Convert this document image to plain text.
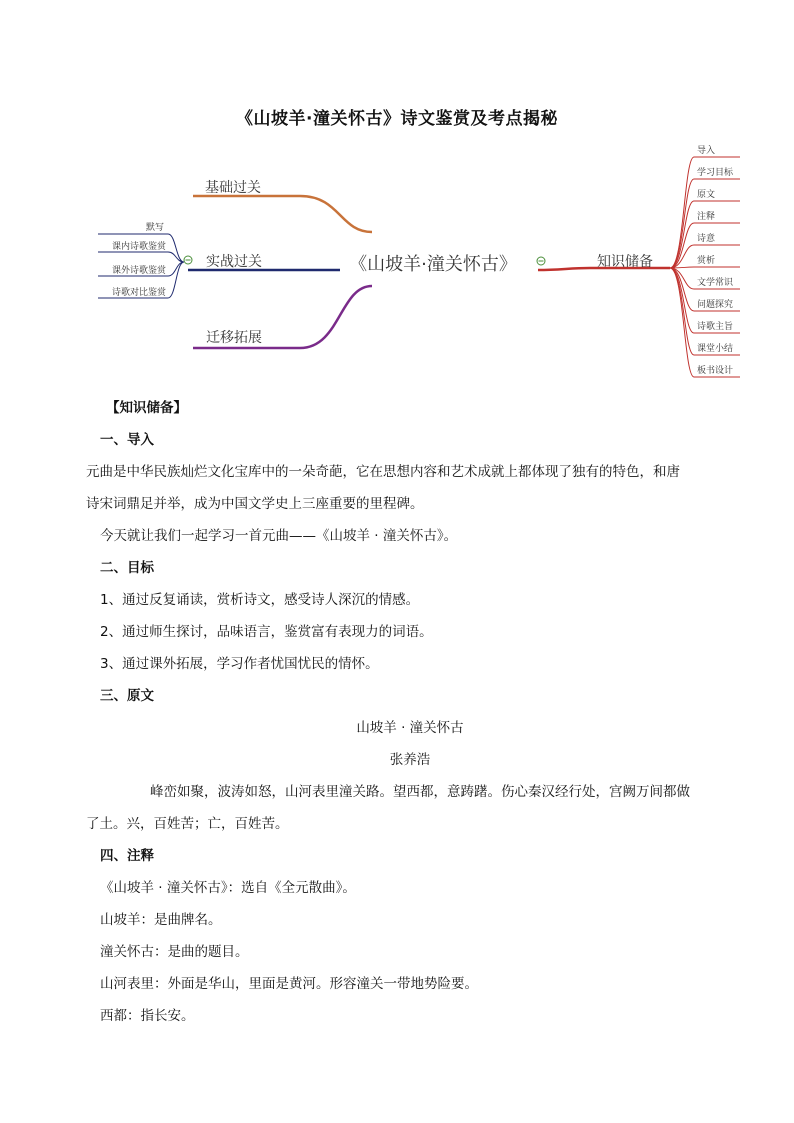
《山坡羊·潼关怀古》诗文鉴赏及考点揭秘
基础过关
实战过关
迁移拓展
默写
课内诗歌鉴赏
课外诗歌鉴赏
诗歌对比鉴赏
《山坡羊·潼关怀古》	知识储备
导入
学习目标
原文
注释
诗意
赏析
文学常识
问题探究
诗歌主旨
课堂小结
板书设计

【知识储备】

一、导入

元曲是中华民族灿烂文化宝库中的一朵奇葩，它在思想内容和艺术成就上都体现了独有的特色，和唐

诗宋词鼎足并举，成为中国文学史上三座重要的里程碑。

今天就让我们一起学习一首元曲——《山坡羊 · 潼关怀古》。

二、目标

1、通过反复诵读，赏析诗文，感受诗人深沉的情感。

2、通过师生探讨，品味语言，鉴赏富有表现力的词语。

3、通过课外拓展，学习作者忧国忧民的情怀。

三、原文

山坡羊 · 潼关怀古

张养浩

峰峦如聚，波涛如怒，山河表里潼关路。望西都，意踌躇。伤心秦汉经行处，宫阙万间都做

了土。兴，百姓苦；亡，百姓苦。

四、注释

《山坡羊 · 潼关怀古》：选自《全元散曲》。

山坡羊：是曲牌名。

潼关怀古：是曲的题目。

山河表里：外面是华山，里面是黄河。形容潼关一带地势险要。

西都：指长安。
